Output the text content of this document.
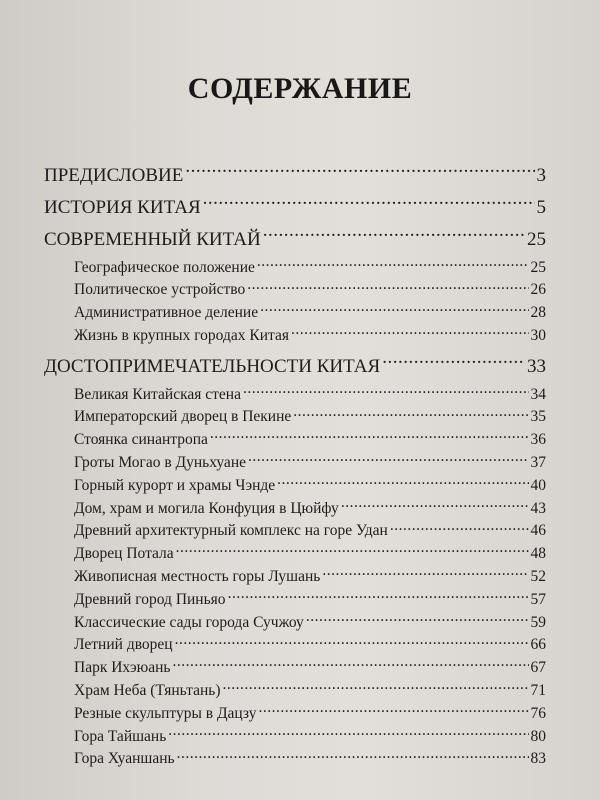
СОДЕРЖАНИЕ
ПРЕДИСЛОВИЕ .....	3
ИСТОРИЯ КИТАЯ .....	5
СОВРЕМЕННЫЙ КИТАЙ .....	25
Географическое положение .....	25
Политическое устройство .....	26
Административное деление .....	28
Жизнь в крупных городах Китая .....	30
ДОСТОПРИМЕЧАТЕЛЬНОСТИ КИТАЯ .....	33
Великая Китайская стена .....	34
Императорский дворец в Пекине .....	35
Стоянка синантропа .....	36
Гроты Могао в Дуньхуане .....	37
Горный курорт и храмы Чэнде .....	40
Дом, храм и могила Конфуция в Цюйфу .....	43
Древний архитектурный комплекс на горе Удан .....	46
Дворец Потала .....	48
Живописная местность горы Лушань .....	52
Древний город Пиньяо .....	57
Классические сады города Сучжоу .....	59
Летний дворец .....	66
Парк Ихэюань .....	67
Храм Неба (Тяньтань) .....	71
Резные скульптуры в Дацзу .....	76
Гора Тайшань .....	80
Гора Хуаншань .....	83
